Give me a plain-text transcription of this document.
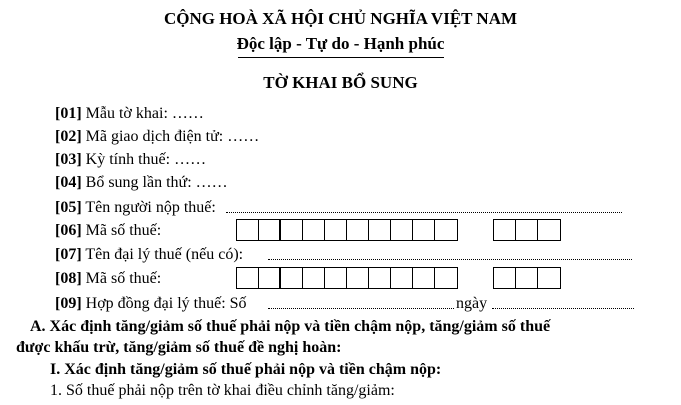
CỘNG HOÀ XÃ HỘI CHỦ NGHĨA VIỆT NAM
Độc lập - Tự do - Hạnh phúc
TỜ KHAI BỔ SUNG
[01] Mẫu tờ khai: ……
[02] Mã giao dịch điện tử: ……
[03] Kỳ tính thuế: ……
[04] Bổ sung lần thứ: ……
[05] Tên người nộp thuế:
[06] Mã số thuế:
[07] Tên đại lý thuế (nếu có):
[08] Mã số thuế:
[09] Hợp đồng đại lý thuế: Số	ngày
A. Xác định tăng/giảm số thuế phải nộp và tiền chậm nộp, tăng/giảm số thuế
được khấu trừ, tăng/giảm số thuế đề nghị hoàn:
I. Xác định tăng/giảm số thuế phải nộp và tiền chậm nộp:
1. Số thuế phải nộp trên tờ khai điều chỉnh tăng/giảm:
